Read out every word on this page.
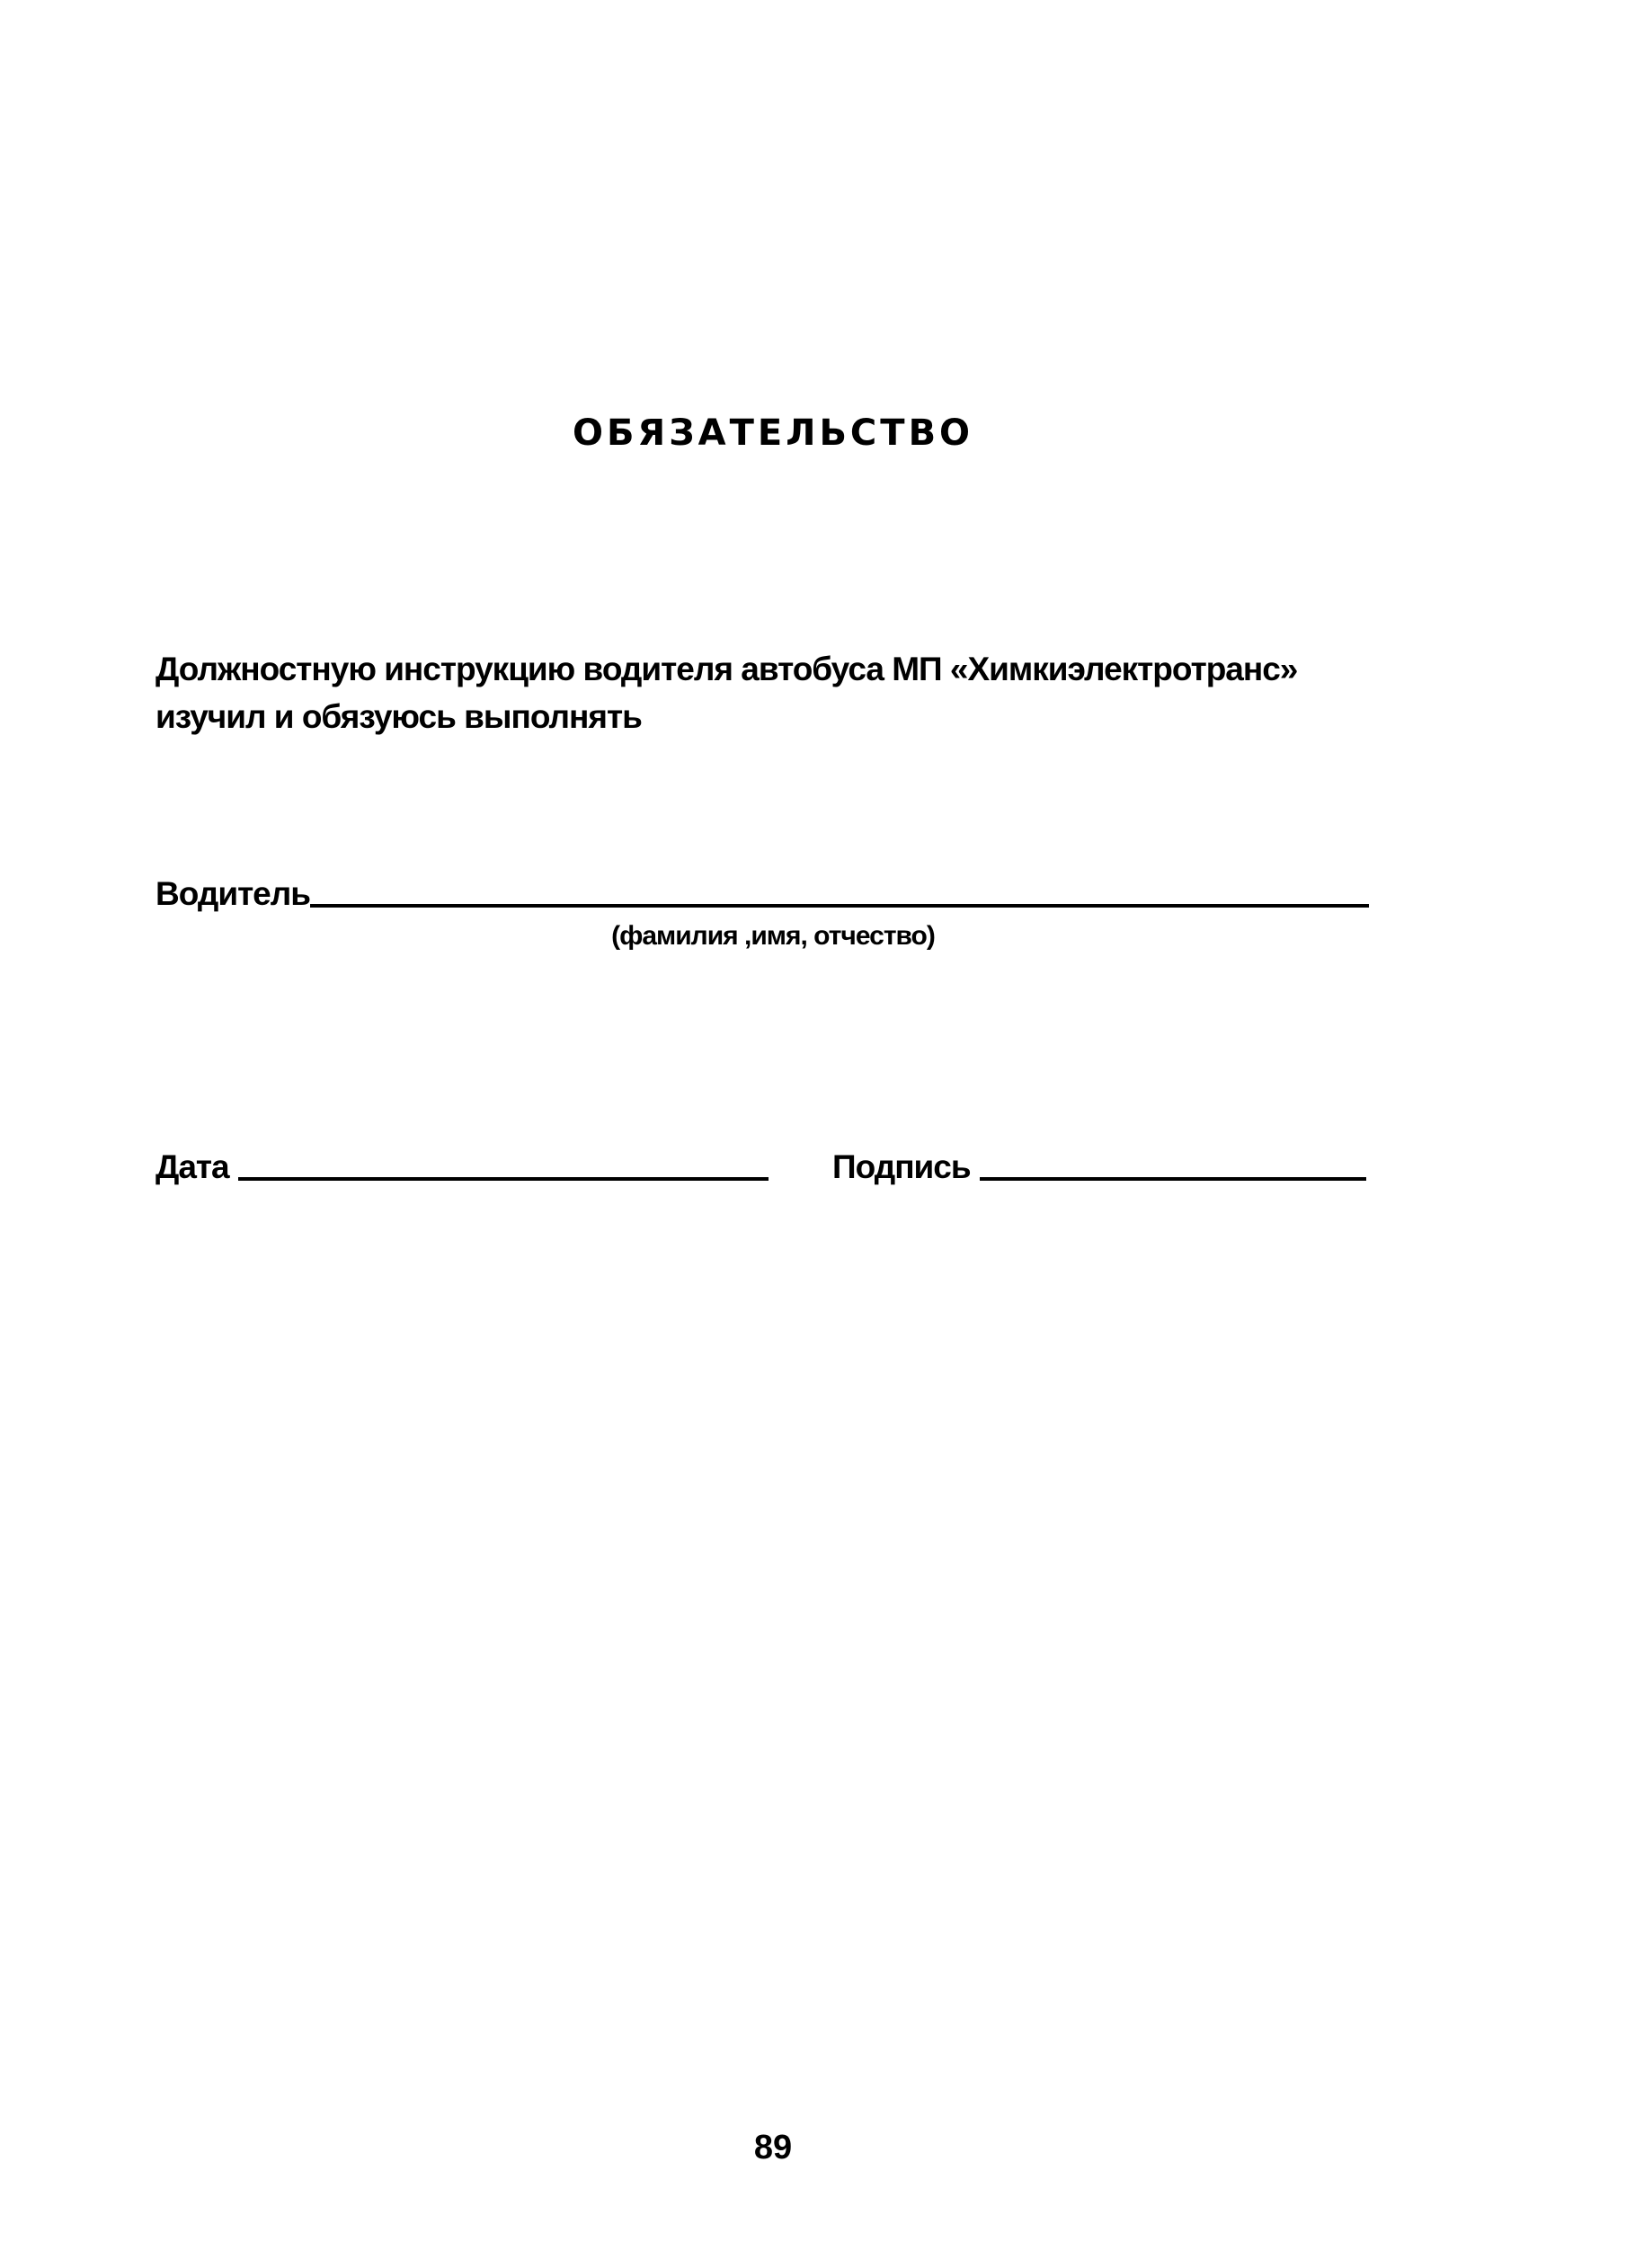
ОБЯЗАТЕЛЬСТВО
Должностную инструкцию водителя автобуса МП «Химкиэлектротранс» изучил и обязуюсь выполнять
Водитель
(фамилия ,имя, отчество)
Дата	Подпись
89
